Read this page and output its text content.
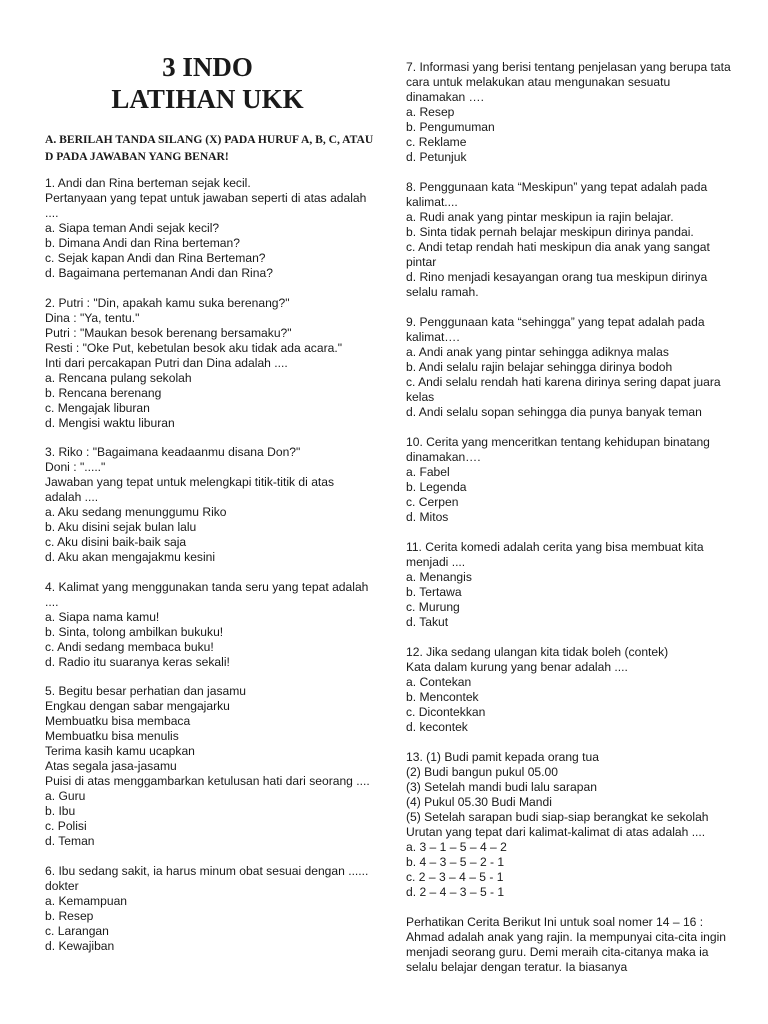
3 INDO
LATIHAN UKK
A. BERILAH TANDA SILANG (X) PADA HURUF A, B, C, ATAU D PADA JAWABAN YANG BENAR!
1. Andi dan Rina berteman sejak kecil.
Pertanyaan yang tepat untuk jawaban seperti di atas adalah ....
a. Siapa teman Andi sejak kecil?
b. Dimana Andi dan Rina berteman?
c. Sejak kapan Andi dan Rina Berteman?
d. Bagaimana pertemanan Andi dan Rina?
2. Putri : "Din, apakah kamu suka berenang?"
Dina : "Ya, tentu."
Putri : "Maukan besok berenang bersamaku?"
Resti : "Oke Put, kebetulan besok aku tidak ada acara."
Inti dari percakapan Putri dan Dina adalah ....
a. Rencana pulang sekolah
b. Rencana berenang
c. Mengajak liburan
d. Mengisi waktu liburan
3. Riko : "Bagaimana keadaanmu disana Don?"
Doni : "....."
Jawaban yang tepat untuk melengkapi titik-titik di atas adalah ....
a. Aku sedang menunggumu Riko
b. Aku disini sejak bulan lalu
c. Aku disini baik-baik saja
d. Aku akan mengajakmu kesini
4. Kalimat yang menggunakan tanda seru yang tepat adalah ....
a. Siapa nama kamu!
b. Sinta, tolong ambilkan bukuku!
c. Andi sedang membaca buku!
d. Radio itu suaranya keras sekali!
5. Begitu besar perhatian dan jasamu
Engkau dengan sabar mengajarku
Membuatku bisa membaca
Membuatku bisa menulis
Terima kasih kamu ucapkan
Atas segala jasa-jasamu
Puisi di atas menggambarkan ketulusan hati dari seorang ....
a. Guru
b. Ibu
c. Polisi
d. Teman
6. Ibu sedang sakit, ia harus minum obat sesuai dengan ...... dokter
a. Kemampuan
b. Resep
c. Larangan
d. Kewajiban
7. Informasi yang berisi tentang penjelasan yang berupa tata cara untuk melakukan atau mengunakan sesuatu dinamakan ….
a. Resep
b. Pengumuman
c. Reklame
d. Petunjuk
8. Penggunaan kata “Meskipun” yang tepat adalah pada kalimat....
a. Rudi anak yang pintar meskipun ia rajin belajar.
b. Sinta tidak pernah belajar meskipun dirinya pandai.
c. Andi tetap rendah hati meskipun dia anak yang sangat pintar
d. Rino menjadi kesayangan orang tua meskipun dirinya selalu ramah.
9. Penggunaan kata “sehingga” yang tepat adalah pada kalimat….
a. Andi anak yang pintar sehingga adiknya malas
b. Andi selalu rajin belajar sehingga dirinya bodoh
c. Andi selalu rendah hati karena dirinya sering dapat juara kelas
d. Andi selalu sopan sehingga dia punya banyak teman
10. Cerita yang menceritkan tentang kehidupan binatang dinamakan….
a. Fabel
b. Legenda
c. Cerpen
d. Mitos
11. Cerita komedi adalah cerita yang bisa membuat kita menjadi ....
a. Menangis
b. Tertawa
c. Murung
d. Takut
12. Jika sedang ulangan kita tidak boleh (contek)
Kata dalam kurung yang benar adalah ....
a. Contekan
b. Mencontek
c. Dicontekkan
d. kecontek
13. (1) Budi pamit kepada orang tua
(2) Budi bangun pukul 05.00
(3) Setelah mandi budi lalu sarapan
(4) Pukul 05.30 Budi Mandi
(5) Setelah sarapan budi siap-siap berangkat ke sekolah
Urutan yang tepat dari kalimat-kalimat di atas adalah ....
a. 3 – 1 – 5 – 4 – 2
b. 4 – 3 – 5 – 2 - 1
c. 2 – 3 – 4 – 5 - 1
d. 2 – 4 – 3 – 5 - 1
Perhatikan Cerita Berikut Ini untuk soal nomer 14 – 16 : Ahmad adalah anak yang rajin. Ia mempunyai cita-cita ingin menjadi seorang guru. Demi meraih cita-citanya maka ia selalu belajar dengan teratur. Ia biasanya
